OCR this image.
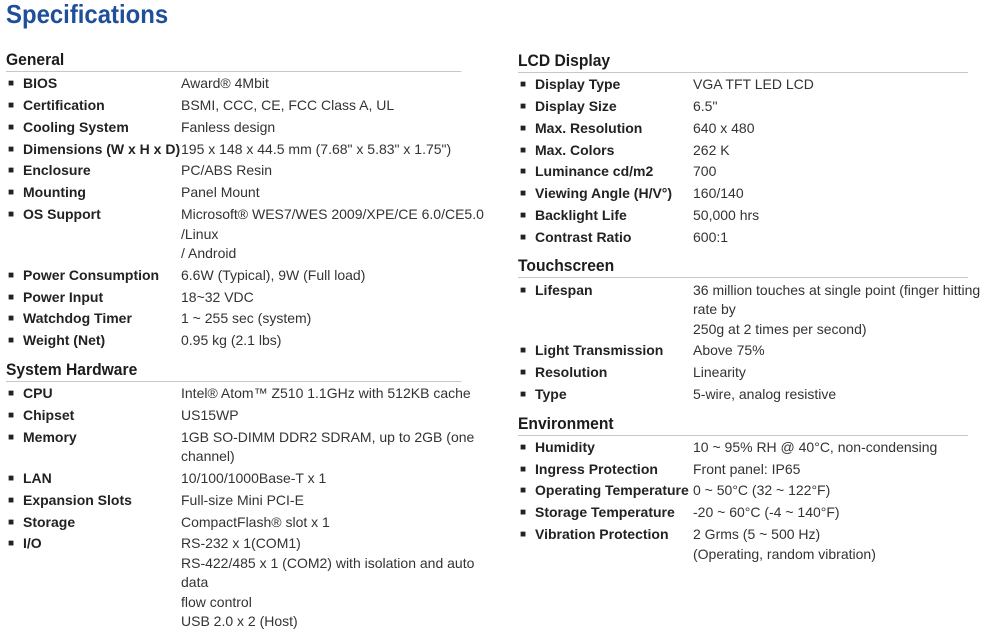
Specifications
General
■ BIOS	Award® 4Mbit
■ Certification	BSMI, CCC, CE, FCC Class A, UL
■ Cooling System	Fanless design
■ Dimensions (W x H x D) 195 x 148 x 44.5 mm (7.68" x 5.83" x 1.75")
■ Enclosure	PC/ABS Resin
■ Mounting	Panel Mount
■ OS Support	Microsoft® WES7/WES 2009/XPE/CE 6.0/CE5.0 /Linux
/ Android
■ Power Consumption	6.6W (Typical), 9W (Full load)
■ Power Input	18~32 VDC
■ Watchdog Timer	1 ~ 255 sec (system)
■ Weight (Net)	0.95 kg (2.1 lbs)
System Hardware
■ CPU	Intel® Atom™ Z510 1.1GHz with 512KB cache
■ Chipset	US15WP
■ Memory	1GB SO-DIMM DDR2 SDRAM, up to 2GB (one
channel)
■ LAN	10/100/1000Base-T x 1
■ Expansion Slots	Full-size Mini PCI-E
■ Storage	CompactFlash® slot x 1
■ I/O	RS-232 x 1(COM1)
RS-422/485 x 1 (COM2) with isolation and auto data
flow control
USB 2.0 x 2 (Host)
LCD Display
■ Display Type	VGA TFT LED LCD
■ Display Size	6.5"
■ Max. Resolution	640 x 480
■ Max. Colors	262 K
■ Luminance cd/m2	700
■ Viewing Angle (H/V°)	160/140
■ Backlight Life	50,000 hrs
■ Contrast Ratio	600:1
Touchscreen
■ Lifespan	36 million touches at single point (finger hitting rate by
250g at 2 times per second)
■ Light Transmission	Above 75%
■ Resolution	Linearity
■ Type	5-wire, analog resistive
Environment
■ Humidity	10 ~ 95% RH @ 40°C, non-condensing
■ Ingress Protection	Front panel: IP65
■ Operating Temperature 0 ~ 50°C (32 ~ 122°F)
■ Storage Temperature	-20 ~ 60°C (-4 ~ 140°F)
■ Vibration Protection	2 Grms (5 ~ 500 Hz)
(Operating, random vibration)
